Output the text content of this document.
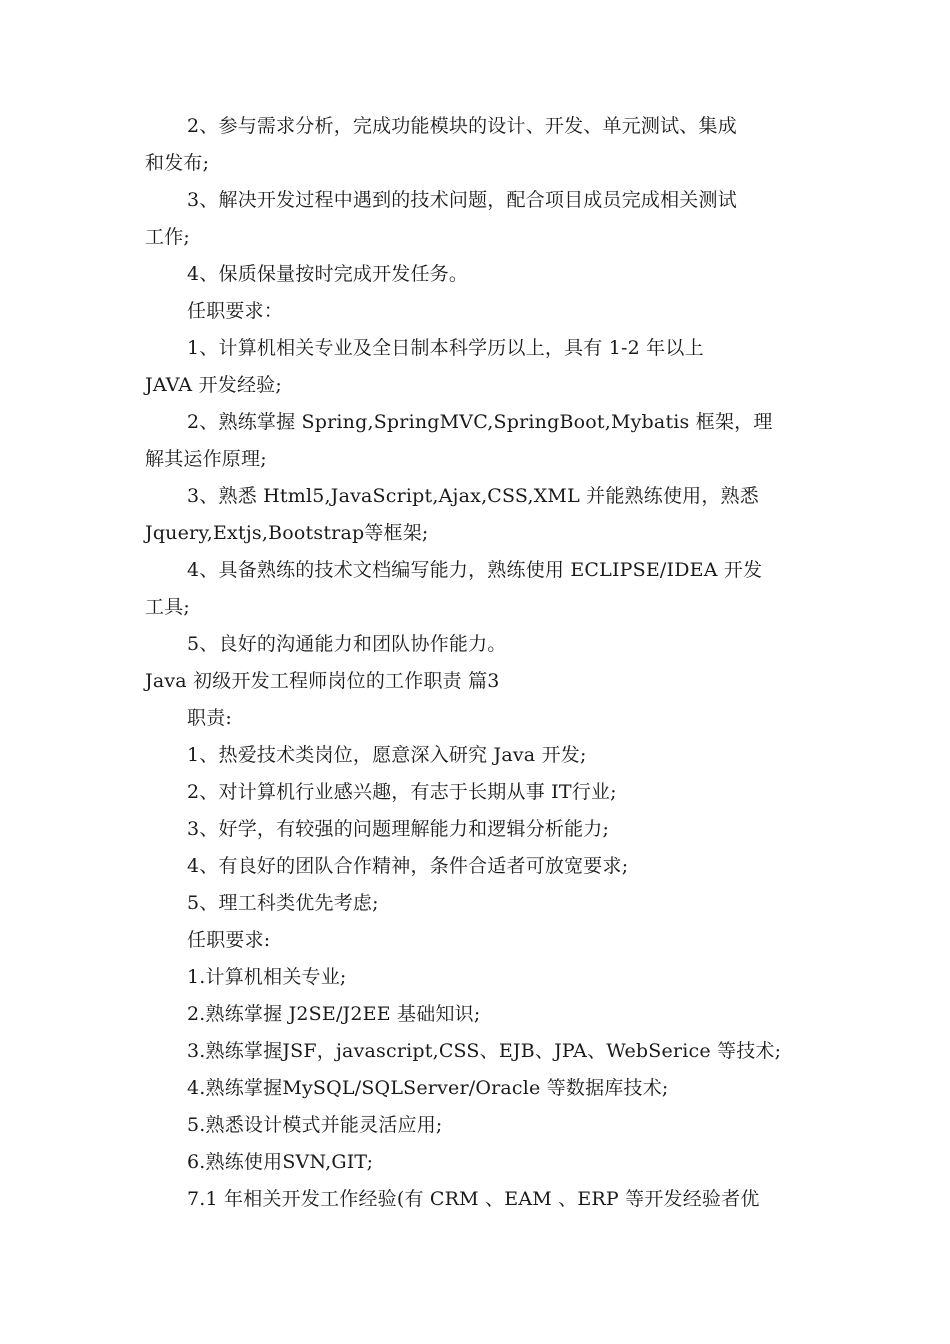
2、参与需求分析，完成功能模块的设计、开发、单元测试、集成
和发布;
3、解决开发过程中遇到的技术问题，配合项目成员完成相关测试
工作;
4、保质保量按时完成开发任务。
任职要求：
1、计算机相关专业及全日制本科学历以上，具有 1-2 年以上
JAVA 开发经验;
2、熟练掌握 Spring,SpringMVC,SpringBoot,Mybatis 框架，理
解其运作原理;
3、熟悉 Html5,JavaScript,Ajax,CSS,XML 并能熟练使用，熟悉
Jquery,Extjs,Bootstrap等框架;
4、具备熟练的技术文档编写能力，熟练使用 ECLIPSE/IDEA 开发
工具;
5、良好的沟通能力和团队协作能力。
Java 初级开发工程师岗位的工作职责 篇3
职责:
1、热爱技术类岗位，愿意深入研究 Java 开发;
2、对计算机行业感兴趣，有志于长期从事 IT行业;
3、好学，有较强的问题理解能力和逻辑分析能力;
4、有良好的团队合作精神，条件合适者可放宽要求;
5、理工科类优先考虑;
任职要求:
1.计算机相关专业;
2.熟练掌握 J2SE/J2EE 基础知识;
3.熟练掌握JSF，javascript,CSS、EJB、JPA、WebSerice 等技术;
4.熟练掌握MySQL/SQLServer/Oracle 等数据库技术;
5.熟悉设计模式并能灵活应用;
6.熟练使用SVN,GIT;
7.1 年相关开发工作经验(有 CRM 、EAM 、ERP 等开发经验者优
